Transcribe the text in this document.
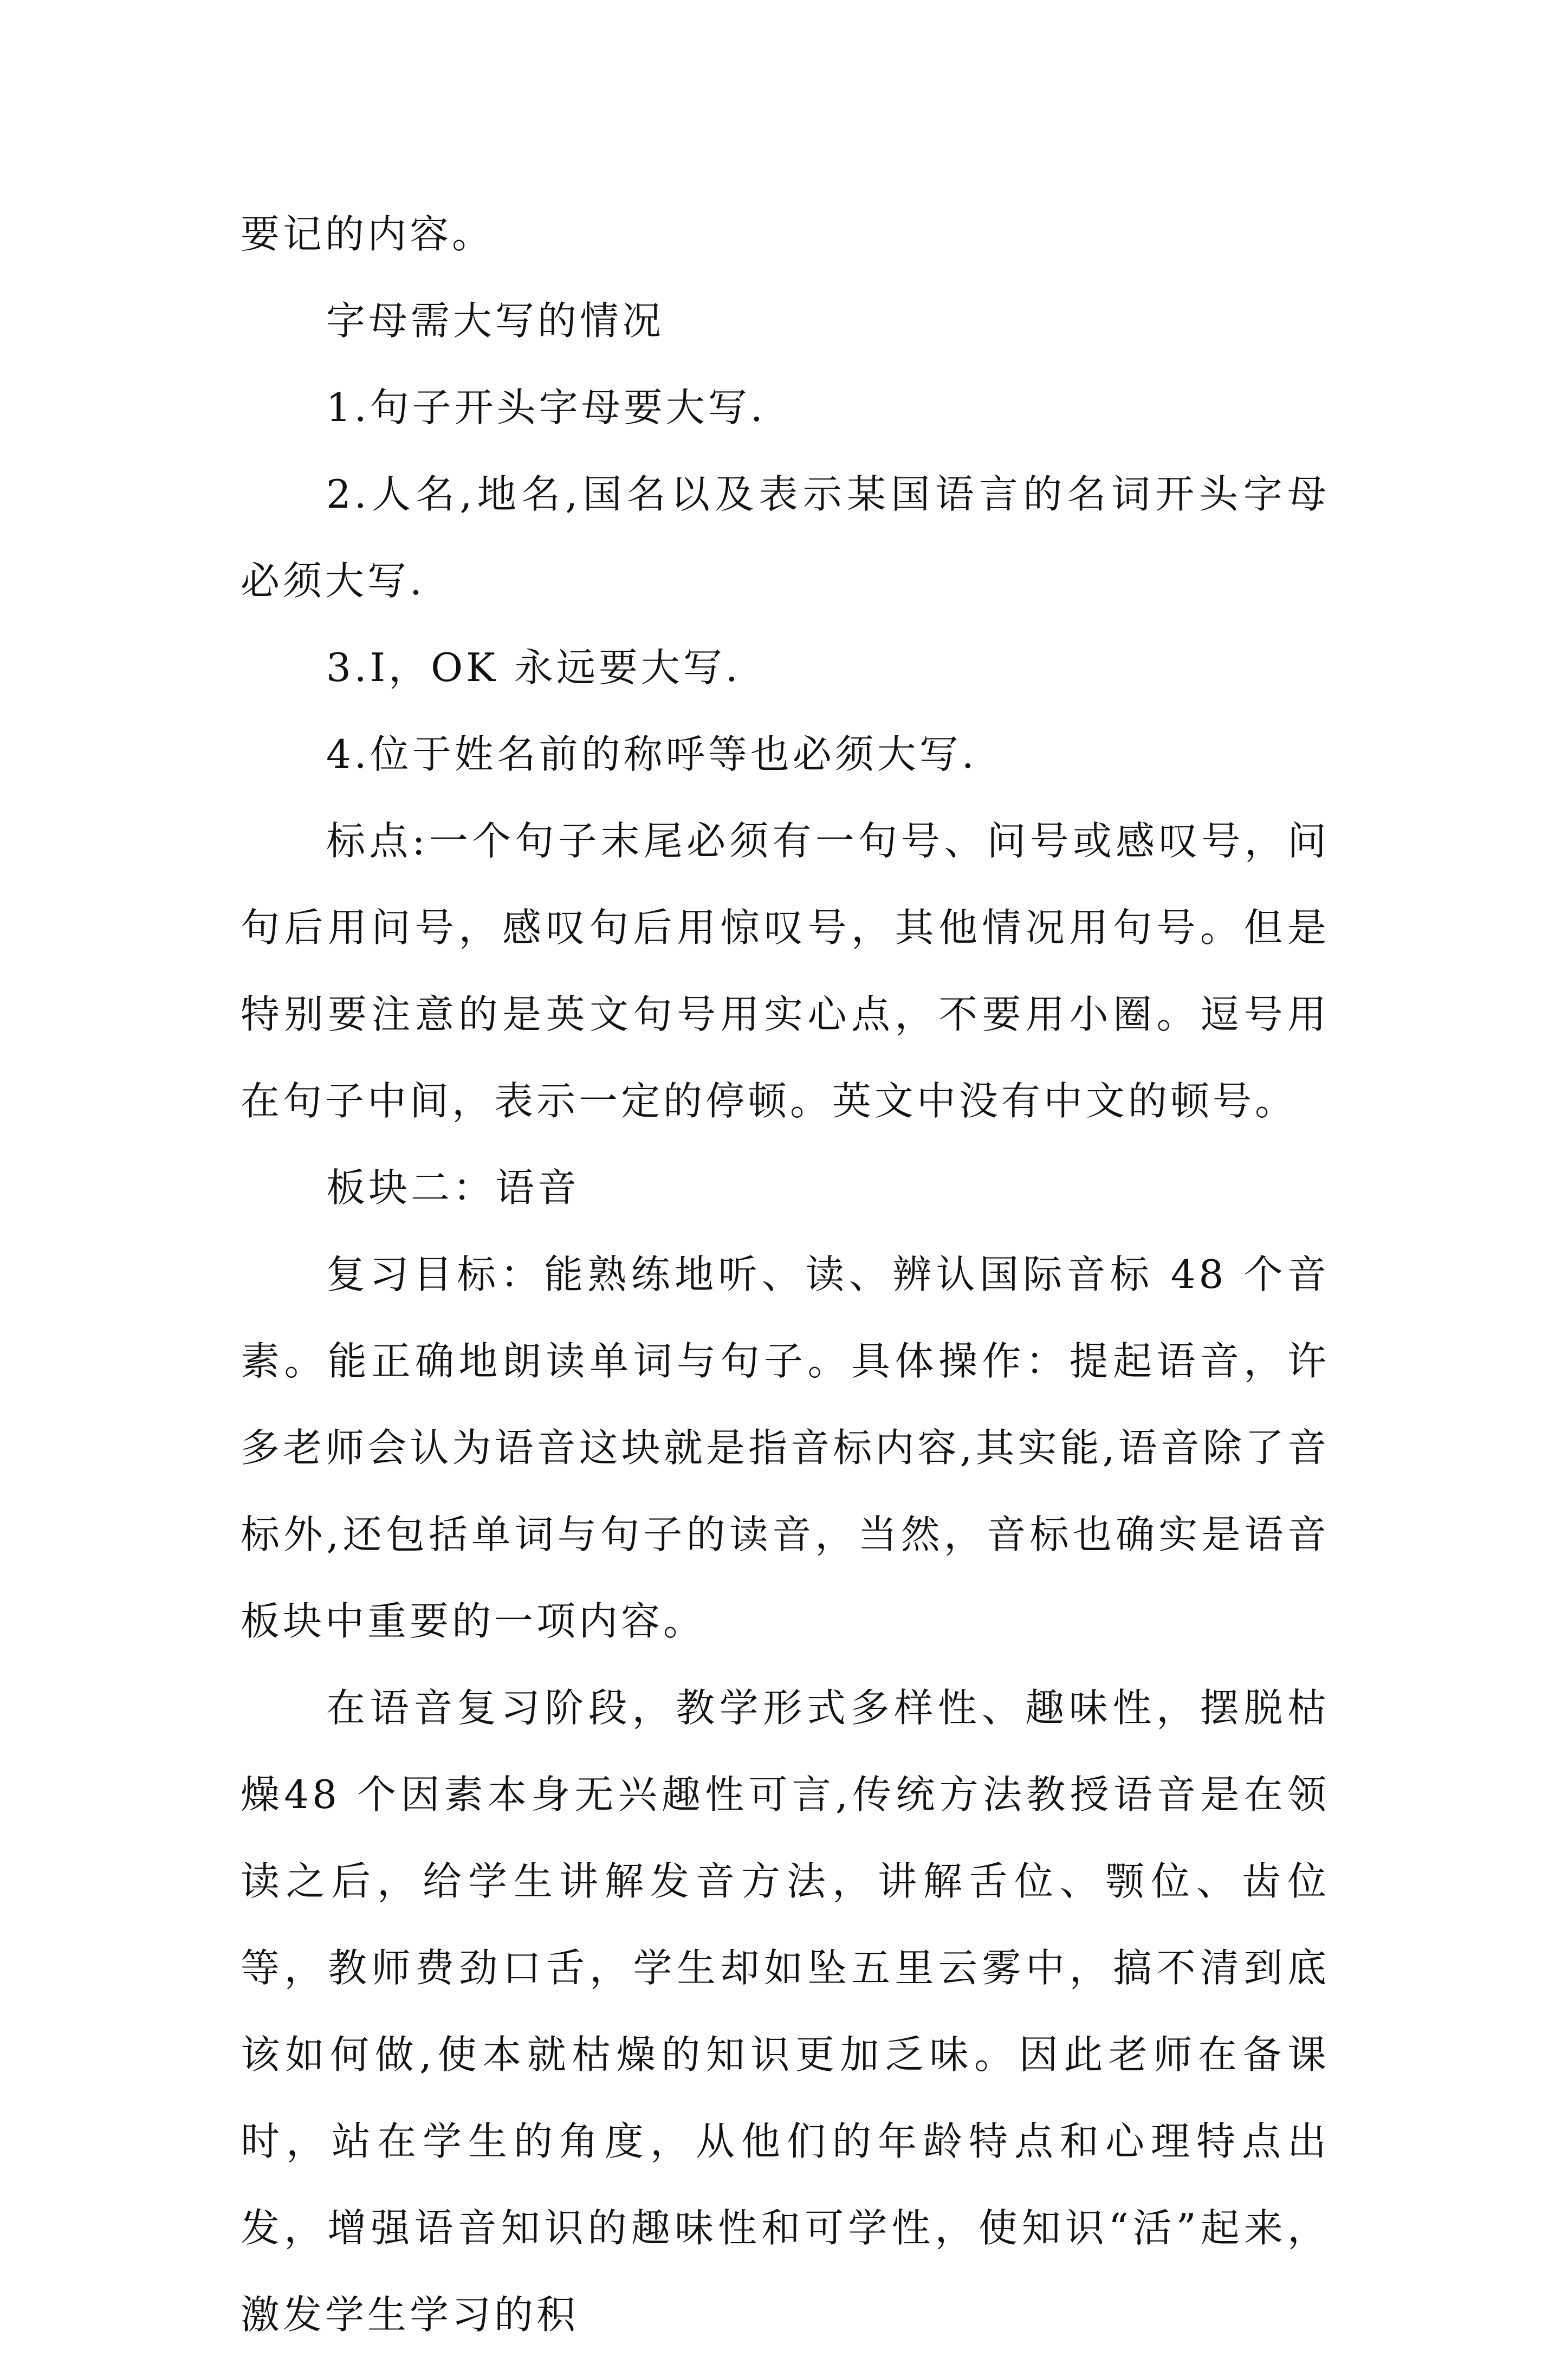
要记的内容。

字母需大写的情况

1.句子开头字母要大写.

2.人名,地名,国名以及表示某国语言的名词开头字母必须大写.

3.I，OK 永远要大写.

4.位于姓名前的称呼等也必须大写.

标点:一个句子末尾必须有一句号、问号或感叹号，问句后用问号，感叹句后用惊叹号，其他情况用句号。但是特别要注意的是英文句号用实心点，不要用小圈。逗号用在句子中间，表示一定的停顿。英文中没有中文的顿号。

板块二：语音

复习目标：能熟练地听、读、辨认国际音标 48 个音素。能正确地朗读单词与句子。具体操作：提起语音，许多老师会认为语音这块就是指音标内容,其实能,语音除了音标外,还包括单词与句子的读音，当然，音标也确实是语音板块中重要的一项内容。

在语音复习阶段，教学形式多样性、趣味性，摆脱枯燥48 个因素本身无兴趣性可言,传统方法教授语音是在领读之后，给学生讲解发音方法，讲解舌位、颚位、齿位等，教师费劲口舌，学生却如坠五里云雾中，搞不清到底该如何做,使本就枯燥的知识更加乏味。因此老师在备课时，站在学生的角度，从他们的年龄特点和心理特点出发，增强语音知识的趣味性和可学性，使知识“活”起来，激发学生学习的积
